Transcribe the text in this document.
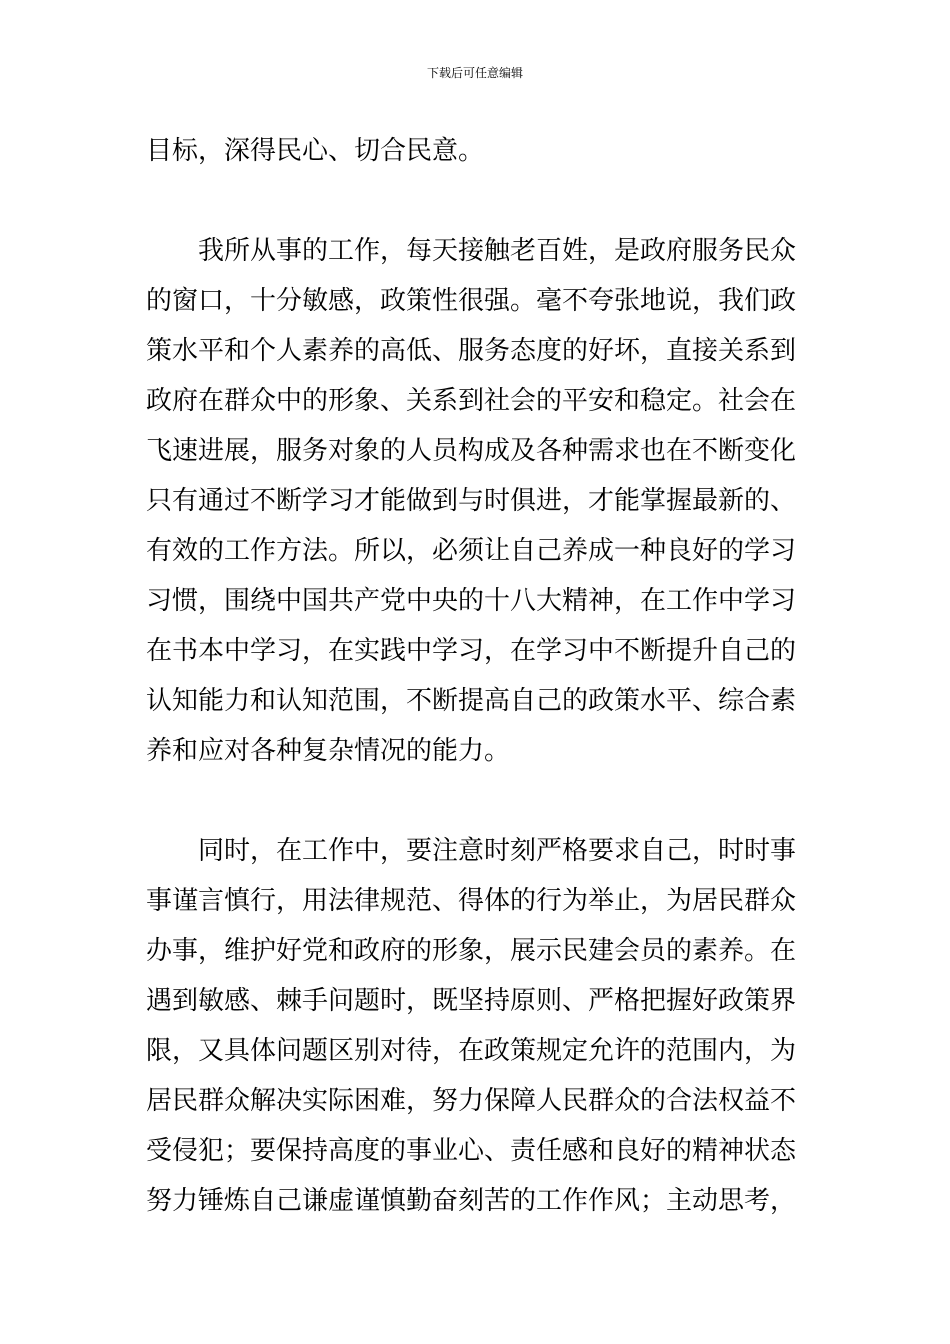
下载后可任意编辑
目标，深得民心、切合民意。
我所从事的工作，每天接触老百姓，是政府服务民众
的窗口，十分敏感，政策性很强。毫不夸张地说，我们政
策水平和个人素养的高低、服务态度的好坏，直接关系到
政府在群众中的形象、关系到社会的平安和稳定。社会在
飞速进展，服务对象的人员构成及各种需求也在不断变化
只有通过不断学习才能做到与时俱进，才能掌握最新的、
有效的工作方法。所以，必须让自己养成一种良好的学习
习惯，围绕中国共产党中央的十八大精神，在工作中学习
在书本中学习，在实践中学习，在学习中不断提升自己的
认知能力和认知范围，不断提高自己的政策水平、综合素
养和应对各种复杂情况的能力。
同时，在工作中，要注意时刻严格要求自己，时时事
事谨言慎行，用法律规范、得体的行为举止，为居民群众
办事，维护好党和政府的形象，展示民建会员的素养。在
遇到敏感、棘手问题时，既坚持原则、严格把握好政策界
限，又具体问题区别对待，在政策规定允许的范围内，为
居民群众解决实际困难，努力保障人民群众的合法权益不
受侵犯；要保持高度的事业心、责任感和良好的精神状态
努力锤炼自己谦虚谨慎勤奋刻苦的工作作风；主动思考，
